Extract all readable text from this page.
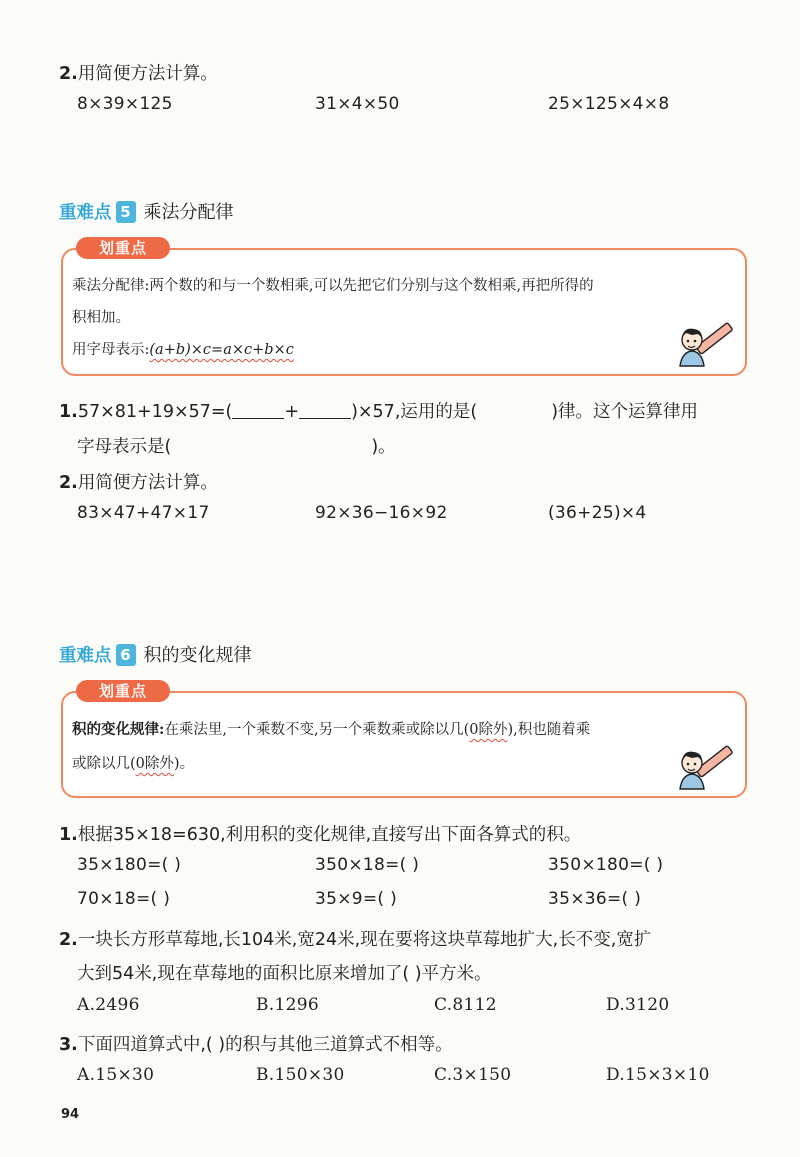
2.用简便方法计算。
8×39×125	31×4×50	25×125×4×8
重难点 5 乘法分配律
划重点
乘法分配律:两个数的和与一个数相乘,可以先把它们分别与这个数相乘,再把所得的
积相加。
用字母表示:(a+b)×c=a×c+b×c
1.57×81+19×57=(	+	)×57,运用的是(	)律。这个运算律用
字母表示是(	)。
2.用简便方法计算。
83×47+47×17	92×36−16×92	(36+25)×4
重难点 6 积的变化规律
划重点
积的变化规律:在乘法里,一个乘数不变,另一个乘数乘或除以几(0除外),积也随着乘
或除以几(0除外)。
1.根据35×18=630,利用积的变化规律,直接写出下面各算式的积。
35×180=( )	350×18=( )	350×180=( )
70×18=( )	35×9=( )	35×36=( )
2.一块长方形草莓地,长104米,宽24米,现在要将这块草莓地扩大,长不变,宽扩
大到54米,现在草莓地的面积比原来增加了( )平方米。
A.2496	B.1296	C.8112	D.3120
3.下面四道算式中,( )的积与其他三道算式不相等。
A.15×30	B.150×30	C.3×150	D.15×3×10
94
